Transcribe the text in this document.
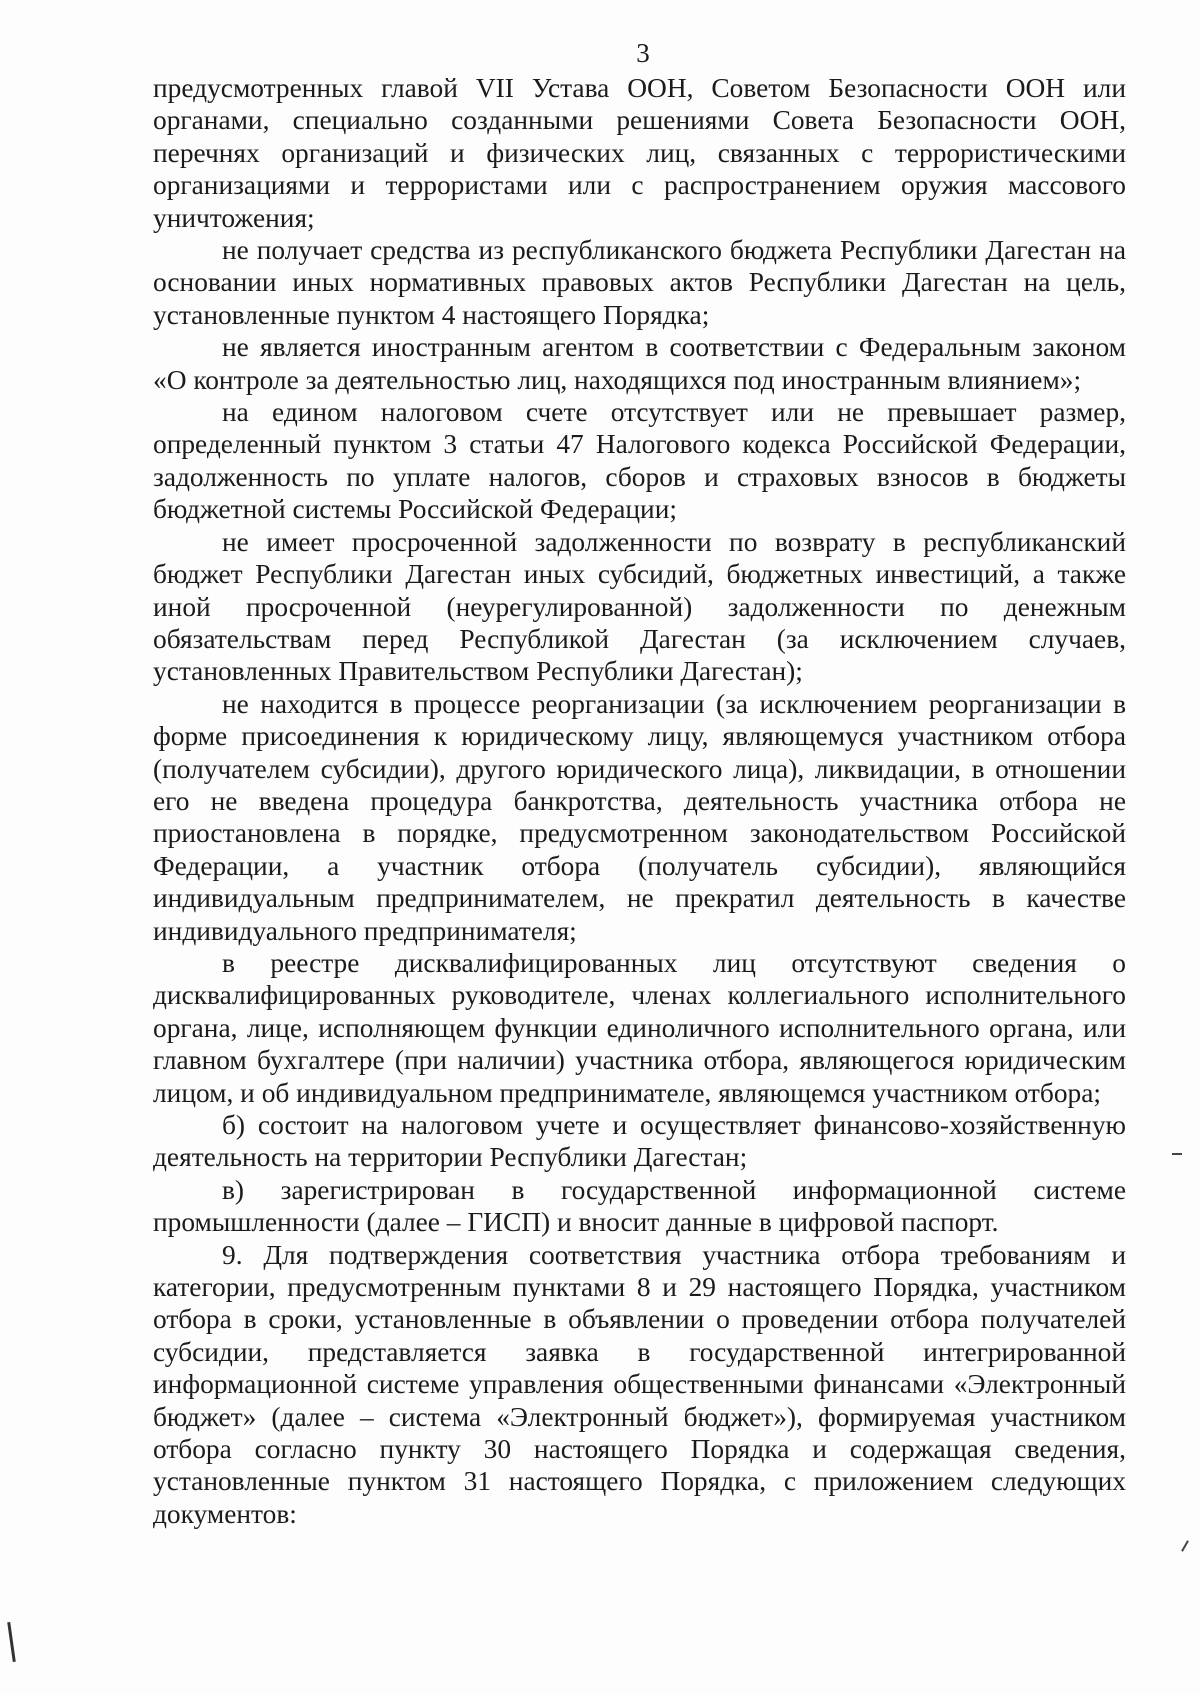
3

предусмотренных главой VII Устава ООН, Советом Безопасности ООН или органами, специально созданными решениями Совета Безопасности ООН, перечнях организаций и физических лиц, связанных с террористическими организациями и террористами или с распространением оружия массового уничтожения;

не получает средства из республиканского бюджета Республики Дагестан на основании иных нормативных правовых актов Республики Дагестан на цель, установленные пунктом 4 настоящего Порядка;

не является иностранным агентом в соответствии с Федеральным законом «О контроле за деятельностью лиц, находящихся под иностранным влиянием»;

на едином налоговом счете отсутствует или не превышает размер, определенный пунктом 3 статьи 47 Налогового кодекса Российской Федерации, задолженность по уплате налогов, сборов и страховых взносов в бюджеты бюджетной системы Российской Федерации;

не имеет просроченной задолженности по возврату в республиканский бюджет Республики Дагестан иных субсидий, бюджетных инвестиций, а также иной просроченной (неурегулированной) задолженности по денежным обязательствам перед Республикой Дагестан (за исключением случаев, установленных Правительством Республики Дагестан);

не находится в процессе реорганизации (за исключением реорганизации в форме присоединения к юридическому лицу, являющемуся участником отбора (получателем субсидии), другого юридического лица), ликвидации, в отношении его не введена процедура банкротства, деятельность участника отбора не приостановлена в порядке, предусмотренном законодательством Российской Федерации, а участник отбора (получатель субсидии), являющийся индивидуальным предпринимателем, не прекратил деятельность в качестве индивидуального предпринимателя;

в реестре дисквалифицированных лиц отсутствуют сведения о дисквалифицированных руководителе, членах коллегиального исполнительного органа, лице, исполняющем функции единоличного исполнительного органа, или главном бухгалтере (при наличии) участника отбора, являющегося юридическим лицом, и об индивидуальном предпринимателе, являющемся участником отбора;

б) состоит на налоговом учете и осуществляет финансово-хозяйственную деятельность на территории Республики Дагестан;

в) зарегистрирован в государственной информационной системе промышленности (далее – ГИСП) и вносит данные в цифровой паспорт.

9. Для подтверждения соответствия участника отбора требованиям и категории, предусмотренным пунктами 8 и 29 настоящего Порядка, участником отбора в сроки, установленные в объявлении о проведении отбора получателей субсидии, представляется заявка в государственной интегрированной информационной системе управления общественными финансами «Электронный бюджет» (далее – система «Электронный бюджет»), формируемая участником отбора согласно пункту 30 настоящего Порядка и содержащая сведения, установленные пунктом 31 настоящего Порядка, с приложением следующих документов:
